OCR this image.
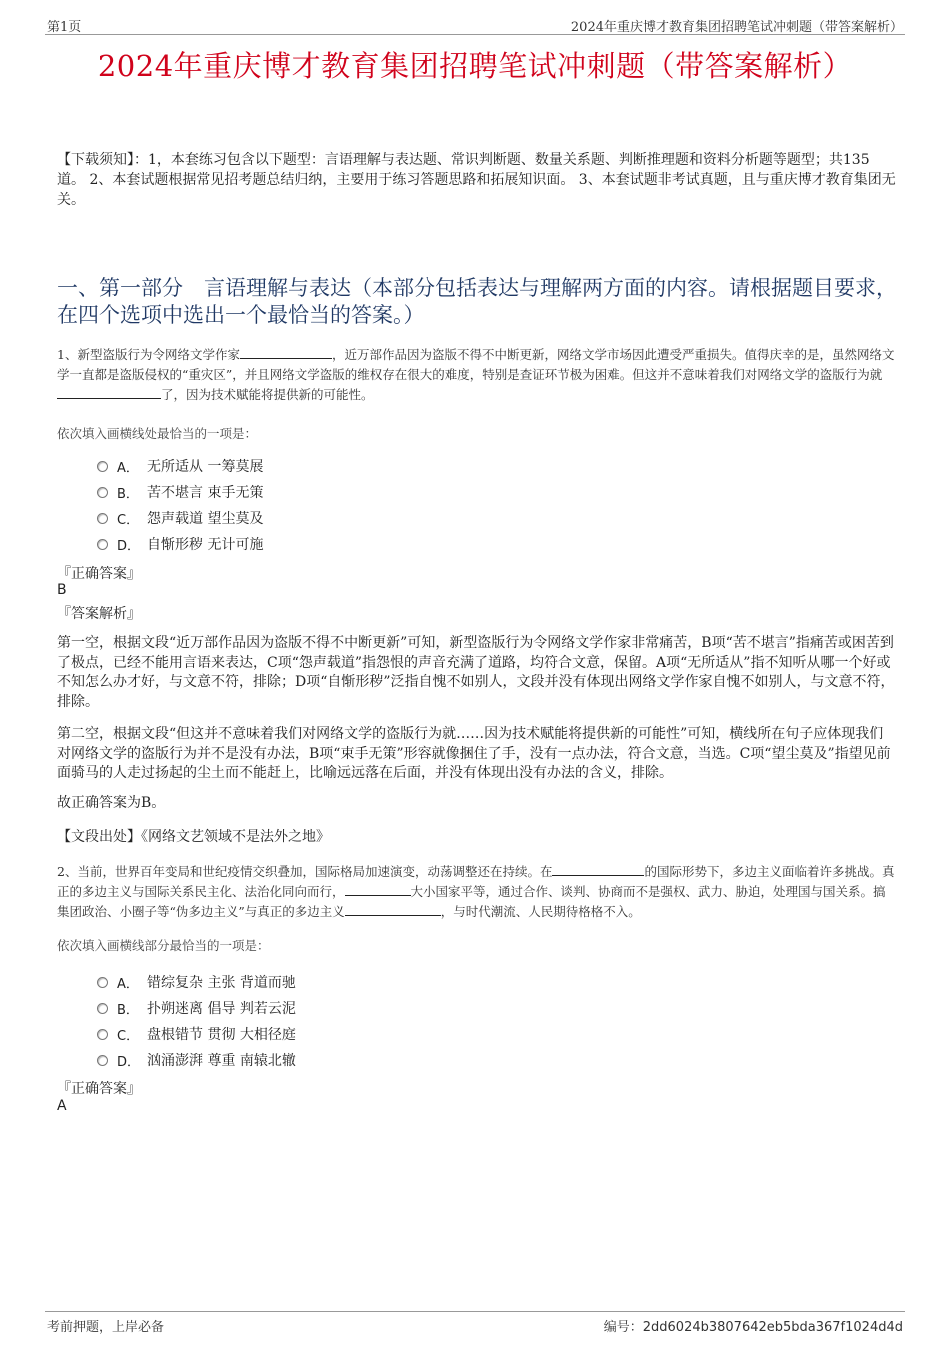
第1页	2024年重庆博才教育集团招聘笔试冲刺题（带答案解析）
2024年重庆博才教育集团招聘笔试冲刺题（带答案解析）
【下载须知】：1，本套练习包含以下题型：言语理解与表达题、常识判断题、数量关系题、判断推理题和资料分析题等题型；共135道。 2、本套试题根据常见招考题总结归纳，主要用于练习答题思路和拓展知识面。 3、本套试题非考试真题，且与重庆博才教育集团无关。
一、第一部分　言语理解与表达（本部分包括表达与理解两方面的内容。请根据题目要求，在四个选项中选出一个最恰当的答案。）
1、新型盗版行为令网络文学作家	，近万部作品因为盗版不得不中断更新，网络文学市场因此遭受严重损失。值得庆幸的是，虽然网络文学一直都是盗版侵权的“重灾区”，并且网络文学盗版的维权存在很大的难度，特别是查证环节极为困难。但这并不意味着我们对网络文学的盗版行为就了，因为技术赋能将提供新的可能性。
依次填入画横线处最恰当的一项是：
A． 无所适从 一筹莫展
B． 苦不堪言 束手无策
C． 怨声载道 望尘莫及
D． 自惭形秽 无计可施
『正确答案』
B
『答案解析』
第一空，根据文段“近万部作品因为盗版不得不中断更新”可知，新型盗版行为令网络文学作家非常痛苦，B项“苦不堪言”指痛苦或困苦到了极点，已经不能用言语来表达，C项“怨声载道”指怨恨的声音充满了道路，均符合文意，保留。A项“无所适从”指不知听从哪一个好或不知怎么办才好，与文意不符，排除；D项“自惭形秽”泛指自愧不如别人，文段并没有体现出网络文学作家自愧不如别人，与文意不符，排除。
第二空，根据文段“但这并不意味着我们对网络文学的盗版行为就……因为技术赋能将提供新的可能性”可知，横线所在句子应体现我们对网络文学的盗版行为并不是没有办法，B项“束手无策”形容就像捆住了手，没有一点办法，符合文意，当选。C项“望尘莫及”指望见前面骑马的人走过扬起的尘土而不能赶上，比喻远远落在后面，并没有体现出没有办法的含义，排除。
故正确答案为B。
【文段出处】《网络文艺领域不是法外之地》
2、当前，世界百年变局和世纪疫情交织叠加，国际格局加速演变，动荡调整还在持续。在	的国际形势下，多边主义面临着许多挑战。真正的多边主义与国际关系民主化、法治化同向而行，	大小国家平等，通过合作、谈判、协商而不是强权、武力、胁迫，处理国与国关系。搞集团政治、小圈子等“伪多边主义”与真正的多边主义	，与时代潮流、人民期待格格不入。
依次填入画横线部分最恰当的一项是：
A． 错综复杂 主张 背道而驰
B． 扑朔迷离 倡导 判若云泥
C． 盘根错节 贯彻 大相径庭
D． 汹涌澎湃 尊重 南辕北辙
『正确答案』
A
考前押题，上岸必备	编号：2dd6024b3807642eb5bda367f1024d4d
